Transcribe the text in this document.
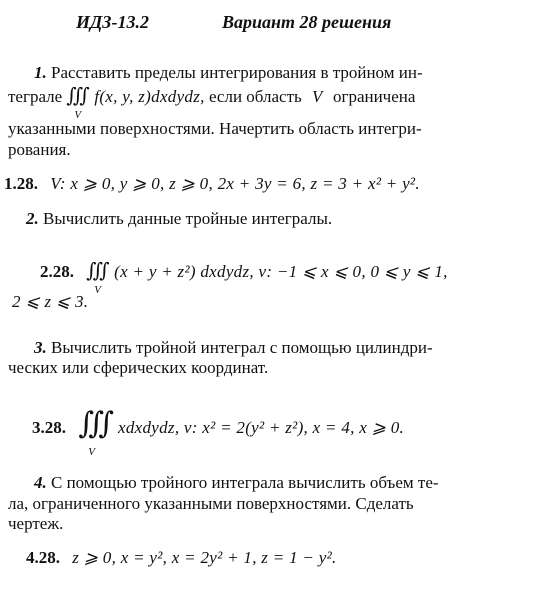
ИДЗ-13.2	Вариант 28 решения
1. Расставить пределы интегрирования в тройном ин-
теграле ∭
V
f(x, y, z)dxdydz, если область V ограничена
указанными поверхностями. Начертить область интегри-
рования.
1.28. V: x ⩾ 0, y ⩾ 0, z ⩾ 0, 2x + 3y = 6, z = 3 + x² + y².
2. Вычислить данные тройные интегралы.
2.28. ∭
V
(x + y + z²) dxdydz, v: −1 ⩽ x ⩽ 0, 0 ⩽ y ⩽ 1,
2 ⩽ z ⩽ 3.
3. Вычислить тройной интеграл с помощью цилиндри-
ческих или сферических координат.
3.28. ∭
V
xdxdydz, v: x² = 2(y² + z²), x = 4, x ⩾ 0.
4. С помощью тройного интеграла вычислить объем те-
ла, ограниченного указанными поверхностями. Сделать
чертеж.
4.28. z ⩾ 0, x = y², x = 2y² + 1, z = 1 − y².
